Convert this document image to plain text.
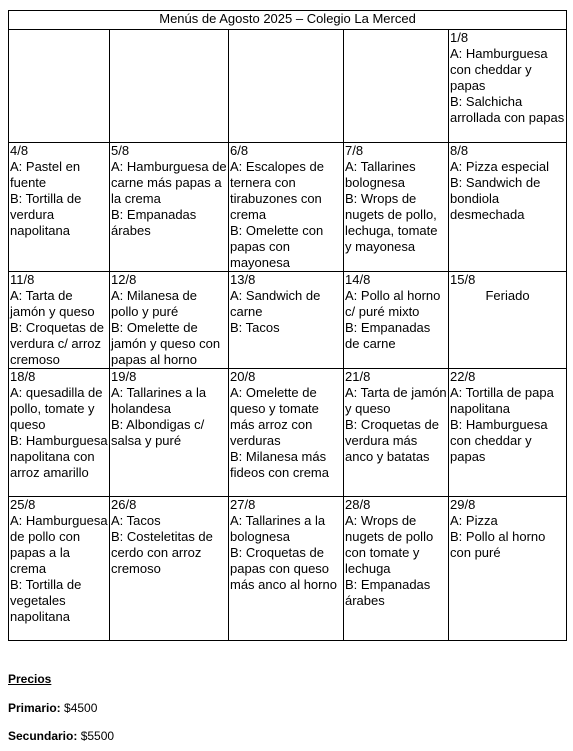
Menús de Agosto 2025 – Colegio La Merced				

				1/8
A: Hamburguesa con cheddar y papas
B: Salchicha arrollada con papas

4/8
A: Pastel en fuente
B: Tortilla de verdura napolitana	5/8
A: Hamburguesa de carne más papas a la crema
B: Empanadas árabes	6/8
A: Escalopes de ternera con tirabuzones con crema
B: Omelette con papas con mayonesa	7/8
A: Tallarines bolognesa
B: Wrops de nugets de pollo, lechuga, tomate y mayonesa	8/8
A: Pizza especial
B: Sandwich de bondiola desmechada

11/8
A: Tarta de jamón y queso
B: Croquetas de verdura c/ arroz cremoso	12/8
A: Milanesa de pollo y puré
B: Omelette de jamón y queso con papas al horno	13/8
A: Sandwich de carne
B: Tacos	14/8
A: Pollo al horno c/ puré mixto
B: Empanadas de carne	15/8
Feriado

18/8
A: quesadilla de pollo, tomate y queso
B: Hamburguesa napolitana con arroz amarillo	19/8
A: Tallarines a la holandesa
B: Albondigas c/ salsa y puré	20/8
A: Omelette de queso y tomate más arroz con verduras
B: Milanesa más fideos con crema	21/8
A: Tarta de jamón y queso
B: Croquetas de verdura más anco y batatas	22/8
A: Tortilla de papa napolitana
B: Hamburguesa con cheddar y papas

25/8
A: Hamburguesa de pollo con papas a la crema
B: Tortilla de vegetales napolitana	26/8
A: Tacos
B: Costeletitas de cerdo con arroz cremoso	27/8
A: Tallarines a la bolognesa
B: Croquetas de papas con queso más anco al horno	28/8
A: Wrops de nugets de pollo con tomate y lechuga
B: Empanadas árabes	29/8
A: Pizza
B: Pollo al horno con puré
Precios
Primario: $4500
Secundario: $5500
